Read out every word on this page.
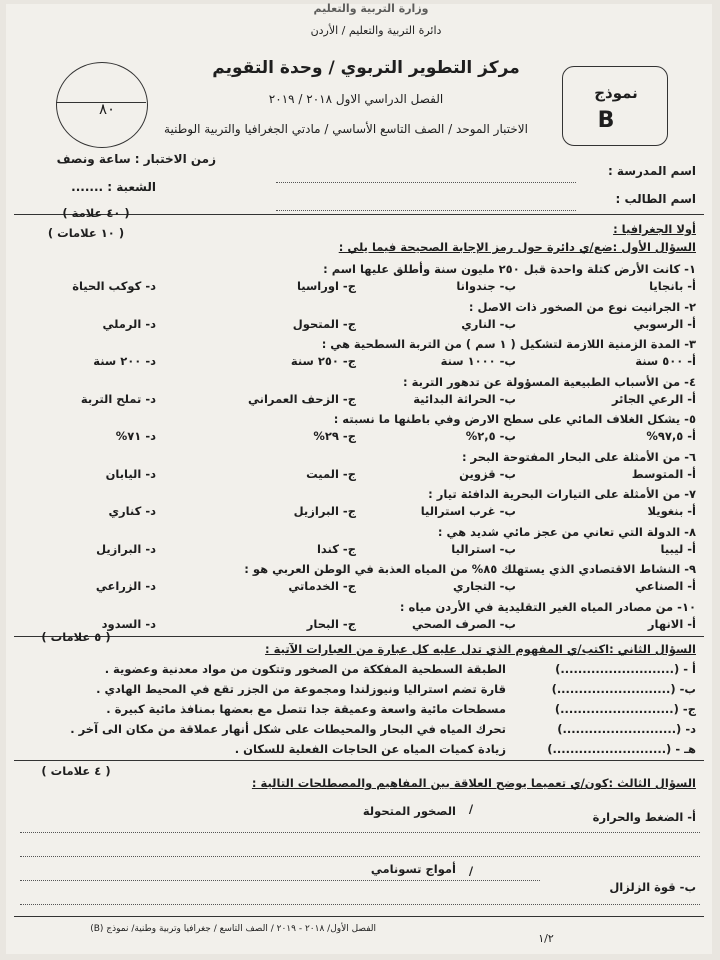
وزارة التربية والتعليم
دائرة التربية والتعليم / الأردن
مركز التطوير التربوي / وحدة التقويم
الفصل الدراسي الاول ٢٠١٨ / ٢٠١٩
الاختبار الموحد / الصف التاسع الأساسي / مادتي الجغرافيا والتربية الوطنية
٨٠
نموذج
B
اسم المدرسة :
زمن الاختبار : ساعة ونصف
اسم الطالب :
الشعبة : .......
أولا الجغرافيا :
( ٤٠ علامة )
السؤال الأول :ضع/ي دائرة حول رمز الإجابة الصحيحة فيما يلي :
( ١٠ علامات )
١- كانت الأرض كتلة واحدة قبل ٢٥٠ مليون سنة وأطلق عليها اسم :
أ- بانجايا
ب- جندوانا
ج- اوراسيا
د- كوكب الحياة
٢- الجرانيت نوع من الصخور ذات الاصل :
أ- الرسوبي
ب- الناري
ج- المتحول
د- الرملي
٣- المدة الزمنية اللازمة لتشكيل ( ١ سم ) من التربة السطحية هي :
أ- ٥٠٠ سنة
ب- ١٠٠٠ سنة
ج- ٢٥٠ سنة
د- ٢٠٠ سنة
٤- من الأسباب الطبيعية المسؤولة عن تدهور التربة :
أ- الرعي الجائر
ب- الحراثة البدائية
ج- الزحف العمراني
د- تملح التربة
٥- يشكل الغلاف المائي على سطح الارض وفي باطنها ما نسبته :
أ- ٩٧,٥%
ب- ٢,٥%
ج- ٢٩%
د- ٧١%
٦- من الأمثلة على البحار المفتوحة البحر :
أ- المتوسط
ب- قزوين
ج- الميت
د- اليابان
٧- من الأمثلة على التيارات البحرية الدافئة تيار :
أ- بنغويلا
ب- غرب استراليا
ج- البرازيل
د- كناري
٨- الدولة التي تعاني من عجز مائي شديد هي :
أ- ليبيا
ب- استراليا
ج- كندا
د- البرازيل
٩- النشاط الاقتصادي الذي يستهلك ٨٥% من المياه العذبة في الوطن العربي هو :
أ- الصناعي
ب- التجاري
ج- الخدماتي
د- الزراعي
١٠- من مصادر المياه الغير التقليدية في الأردن مياه :
أ- الانهار
ب- الصرف الصحي
ج- البحار
د- السدود
السؤال الثاني :اكتب/ي المفهوم الذي تدل عليه كل عبارة من العبارات الآتية :
( ٥ علامات )
أ - (..........................)
الطبقة السطحية المفككة من الصخور وتتكون من مواد معدنية وعضوية .
ب- (..........................)
قارة تضم استراليا ونيوزلندا ومجموعة من الجزر تقع في المحيط الهادي .
ج- (..........................)
مسطحات مائية واسعة وعميقة جدا تتصل مع بعضها بمنافذ مائية كبيرة .
د- (..........................)
تحرك المياه في البحار والمحيطات على شكل أنهار عملاقة من مكان الى آخر .
هـ - (..........................)
زيادة كميات المياه عن الحاجات الفعلية للسكان .
السؤال الثالث :كون/ي تعميما يوضح العلاقة بين المفاهيم والمصطلحات التالية :
( ٤ علامات )
أ- الضغط والحرارة
/
الصخور المتحولة
ب- قوة الزلزال
/
أمواج تسونامي
(B) الفصل الأول/ ٢٠١٨ - ٢٠١٩ / الصف التاسع / جغرافيا وتربية وطنية/ نموذج
١/٢
